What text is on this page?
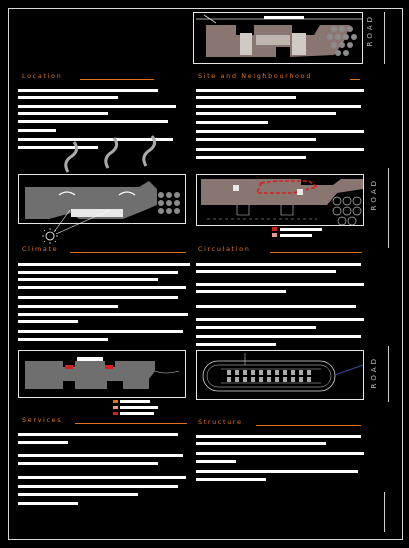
ROAD
Location	Site and Neighbourhood
ROAD
Climate	Circulation
ROAD
Services	Structure
